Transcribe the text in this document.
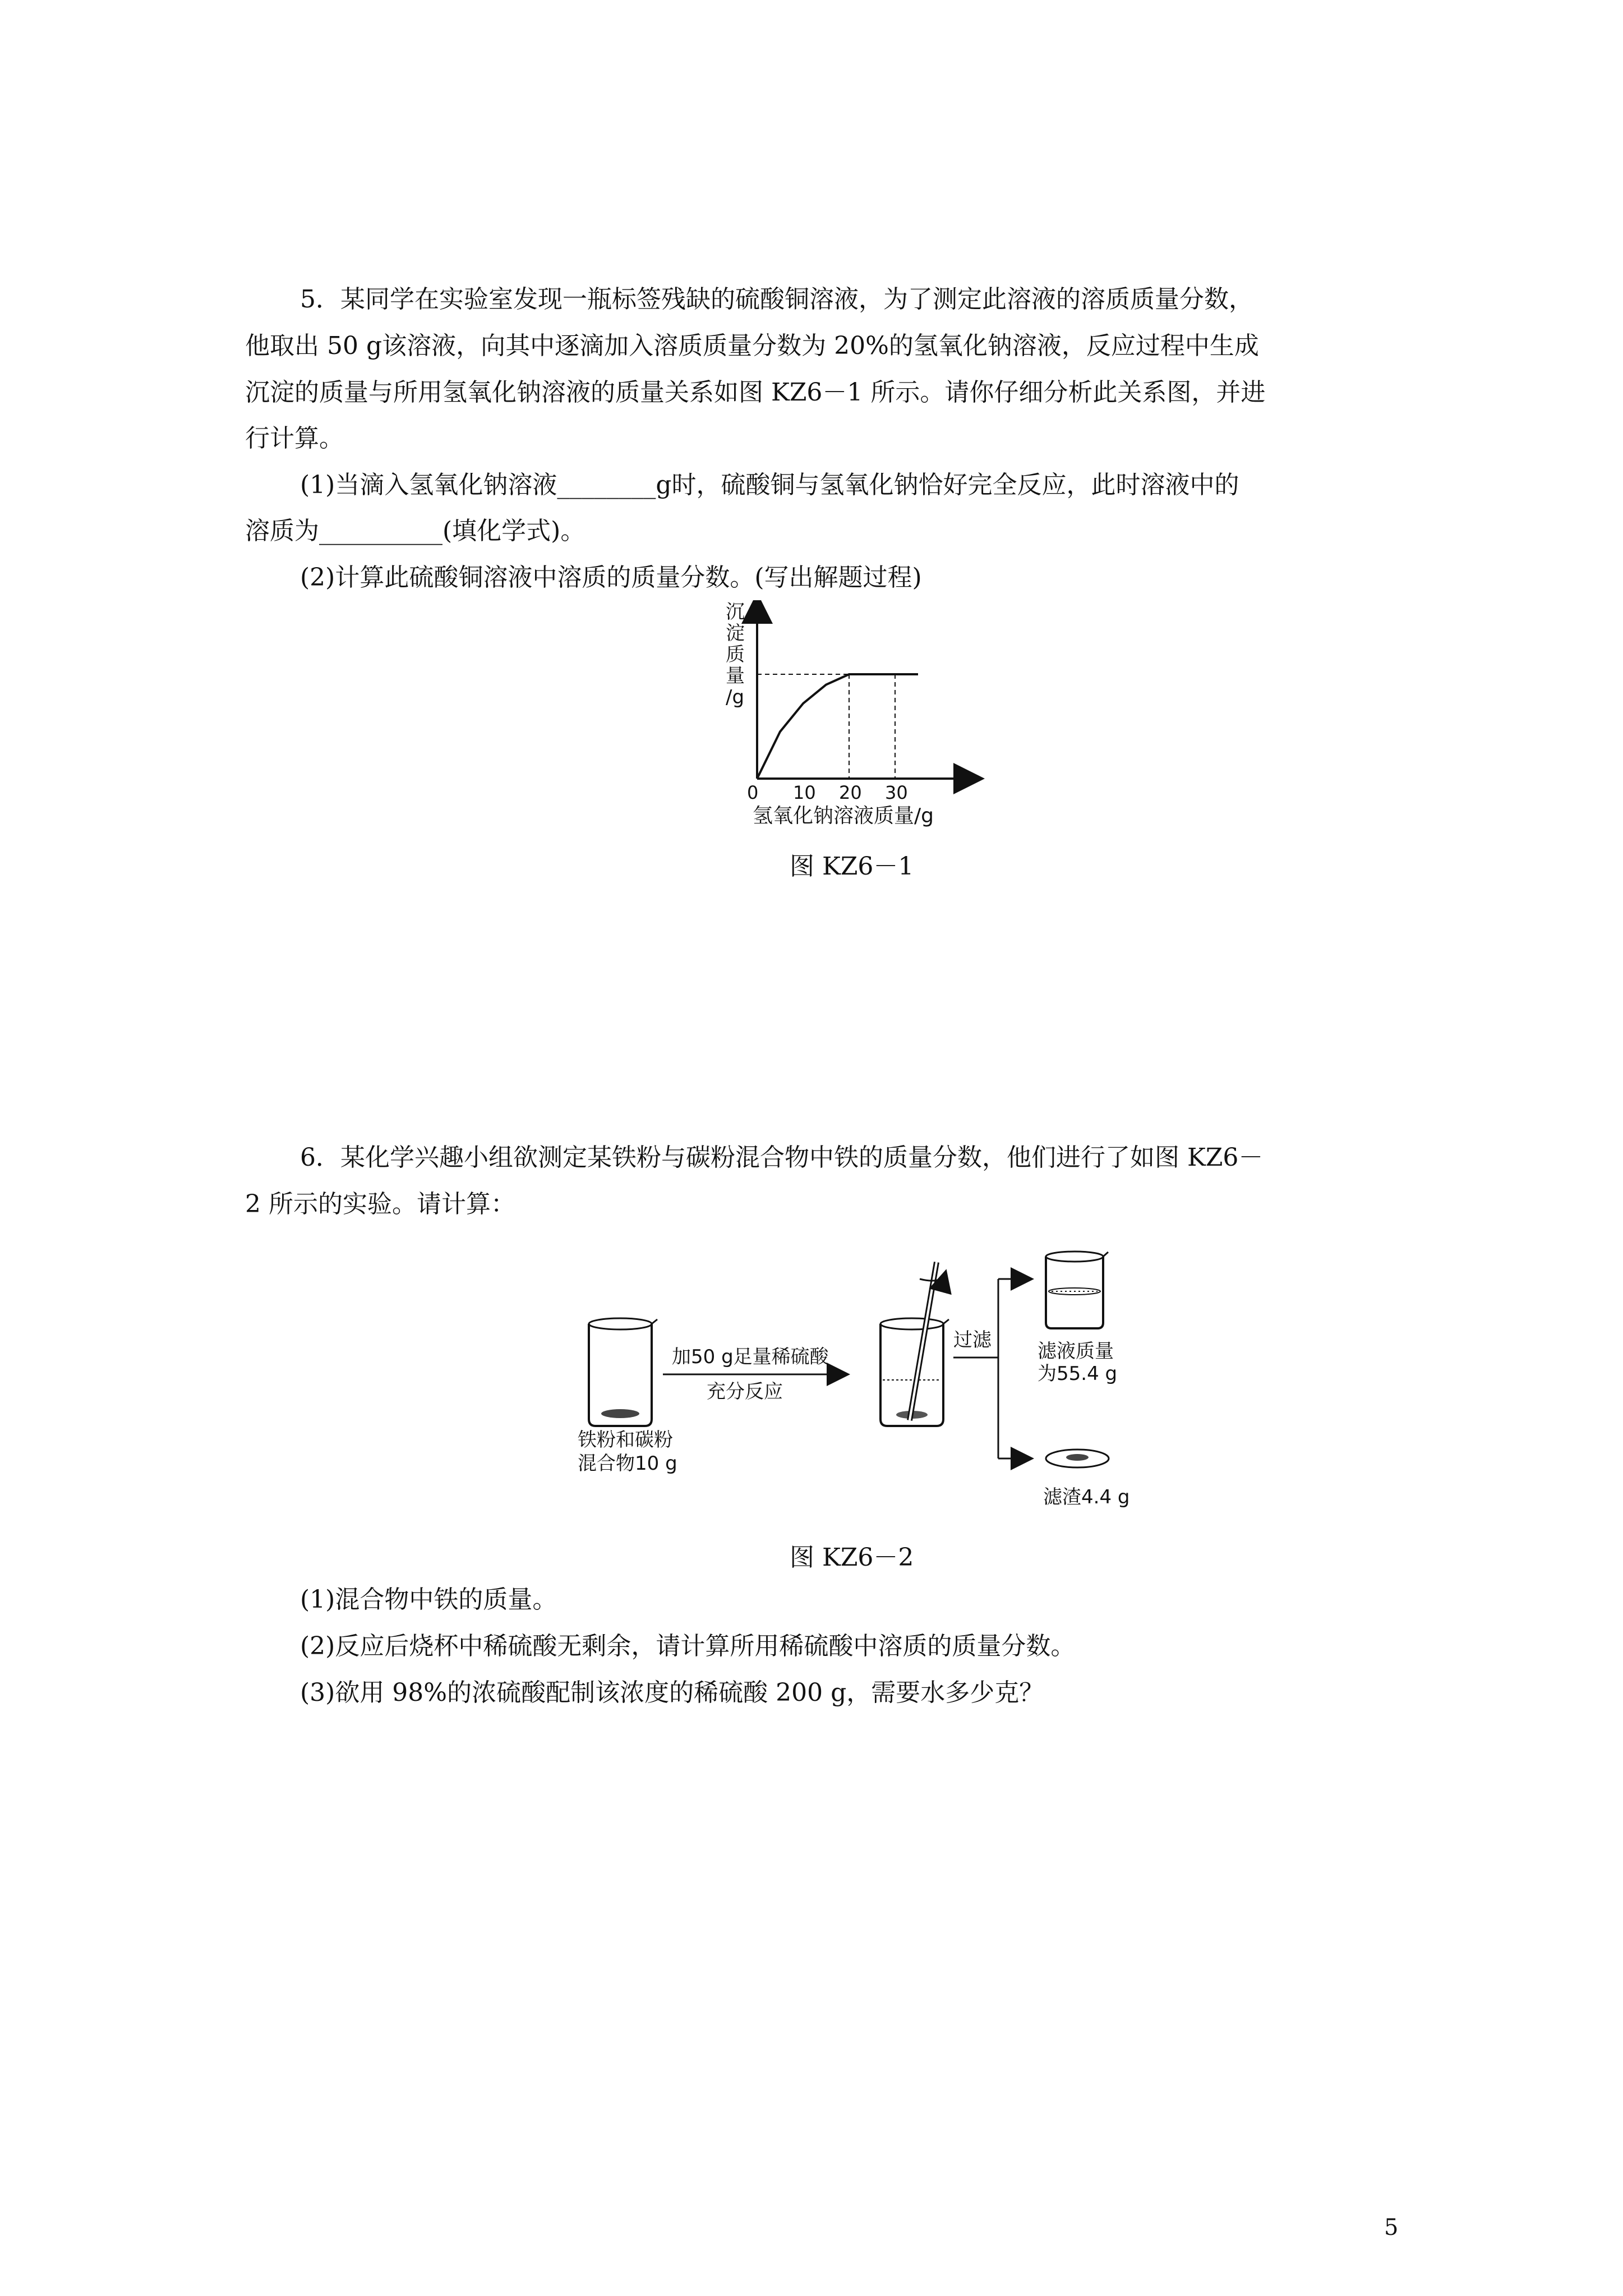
5．某同学在实验室发现一瓶标签残缺的硫酸铜溶液，为了测定此溶液的溶质质量分数，

他取出 50 g该溶液，向其中逐滴加入溶质质量分数为 20%的氢氧化钠溶液，反应过程中生成

沉淀的质量与所用氢氧化钠溶液的质量关系如图 KZ6－1 所示。请你仔细分析此关系图，并进

行计算。

(1)当滴入氢氧化钠溶液________g时，硫酸铜与氢氧化钠恰好完全反应，此时溶液中的

溶质为__________(填化学式)。

(2)计算此硫酸铜溶液中溶质的质量分数。(写出解题过程)

沉
淀
质
量
/g
10 20 30
0
氢氧化钠溶液质量/g
图 KZ6－1

6．某化学兴趣小组欲测定某铁粉与碳粉混合物中铁的质量分数，他们进行了如图 KZ6－

2 所示的实验。请计算：

铁粉和碳粉
混合物10 g
加50 g足量稀硫酸
充分反应
过滤 滤液质量
为55.4 g
滤渣4.4 g
图 KZ6－2

(1)混合物中铁的质量。

(2)反应后烧杯中稀硫酸无剩余，请计算所用稀硫酸中溶质的质量分数。

(3)欲用 98%的浓硫酸配制该浓度的稀硫酸 200 g，需要水多少克？

5
